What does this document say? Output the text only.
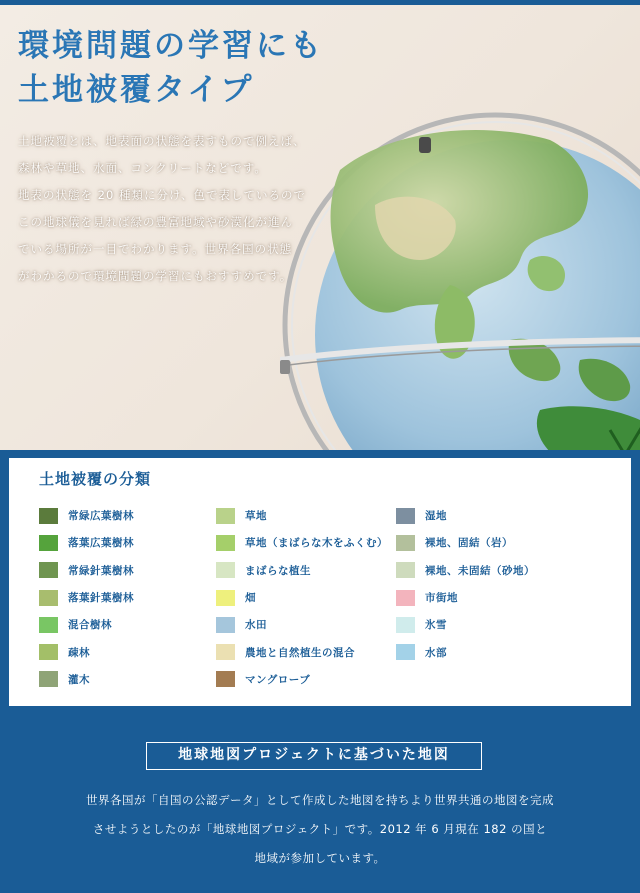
環境問題の学習にも
土地被覆タイプ
土地被覆とは、地表面の状態を表すもので例えば、
森林や草地、水面、コンクリートなどです。
地表の状態を 20 種類に分け、色で表しているので
この地球儀を見れば緑の豊富地域や砂漠化が進ん
でいる場所が一目でわかります。世界各国の状態
がわかるので環境問題の学習にもおすすめです。
土地被覆の分類
常緑広葉樹林
落葉広葉樹林
常緑針葉樹林
落葉針葉樹林
混合樹林
疎林
灌木
草地
草地（まばらな木をふくむ）
まばらな植生
畑
水田
農地と自然植生の混合
マングローブ
湿地
裸地、固結（岩）
裸地、未固結（砂地）
市街地
氷雪
水部
地球地図プロジェクトに基づいた地図
世界各国が「自国の公認データ」として作成した地図を持ちより世界共通の地図を完成
させようとしたのが「地球地図プロジェクト」です。2012 年 6 月現在 182 の国と
地域が参加しています。
